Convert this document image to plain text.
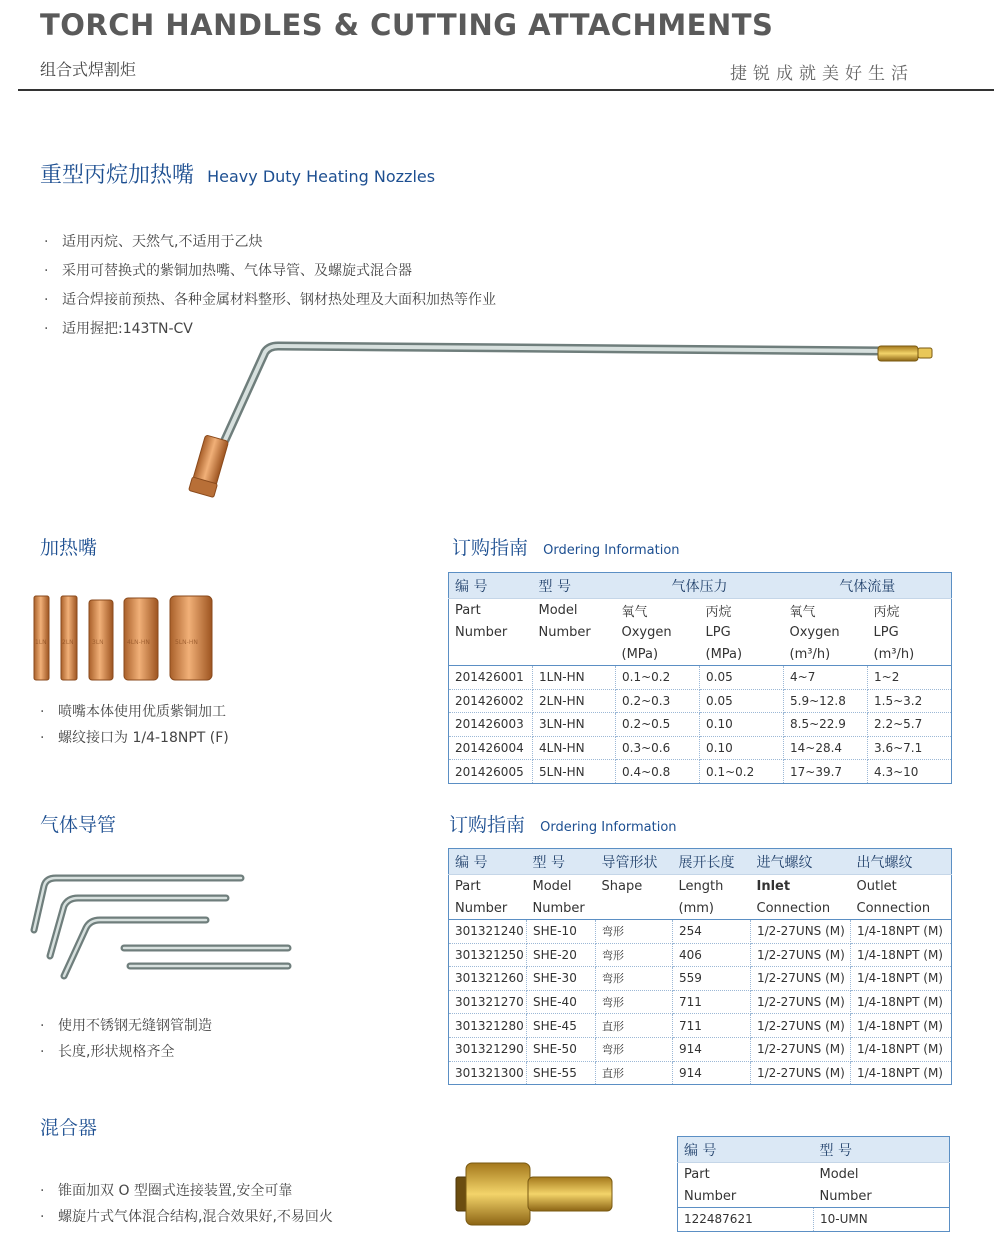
TORCH HANDLES & CUTTING ATTACHMENTS
组合式焊割炬	捷锐成就美好生活
重型丙烷加热嘴 Heavy Duty Heating Nozzles
· 适用丙烷、天然气,不适用于乙炔
· 采用可替换式的紫铜加热嘴、气体导管、及螺旋式混合器
· 适合焊接前预热、各种金属材料整形、钢材热处理及大面积加热等作业
· 适用握把:143TN-CV
加热嘴
1LN	2LN	3LN	4LN-HN	5LN-HN
· 喷嘴本体使用优质紫铜加工
· 螺纹接口为 1/4-18NPT (F)
订购指南 Ordering Information
编 号	型 号	气体压力		气体流量	
Part	Model	氧气	丙烷	氧气	丙烷
Number	Number	Oxygen	LPG	Oxygen	LPG
		(MPa)	(MPa)	(m³/h)	(m³/h)
201426001	1LN-HN	0.1~0.2	0.05	4~7	1~2
201426002	2LN-HN	0.2~0.3	0.05	5.9~12.8	1.5~3.2
201426003	3LN-HN	0.2~0.5	0.10	8.5~22.9	2.2~5.7
201426004	4LN-HN	0.3~0.6	0.10	14~28.4	3.6~7.1
201426005	5LN-HN	0.4~0.8	0.1~0.2	17~39.7	4.3~10
气体导管
· 使用不锈钢无缝钢管制造
· 长度,形状规格齐全
订购指南 Ordering Information
编 号	型 号	导管形状	展开长度	进气螺纹	出气螺纹
Part	Model	Shape	Length	Inlet	Outlet
Number	Number		(mm)	Connection	Connection
301321240	SHE-10	弯形	254	1/2-27UNS (M)	1/4-18NPT (M)
301321250	SHE-20	弯形	406	1/2-27UNS (M)	1/4-18NPT (M)
301321260	SHE-30	弯形	559	1/2-27UNS (M)	1/4-18NPT (M)
301321270	SHE-40	弯形	711	1/2-27UNS (M)	1/4-18NPT (M)
301321280	SHE-45	直形	711	1/2-27UNS (M)	1/4-18NPT (M)
301321290	SHE-50	弯形	914	1/2-27UNS (M)	1/4-18NPT (M)
301321300	SHE-55	直形	914	1/2-27UNS (M)	1/4-18NPT (M)
混合器
· 锥面加双 O 型圈式连接装置,安全可靠
· 螺旋片式气体混合结构,混合效果好,不易回火
编 号	型 号
Part	Model
Number	Number
122487621	10-UMN
